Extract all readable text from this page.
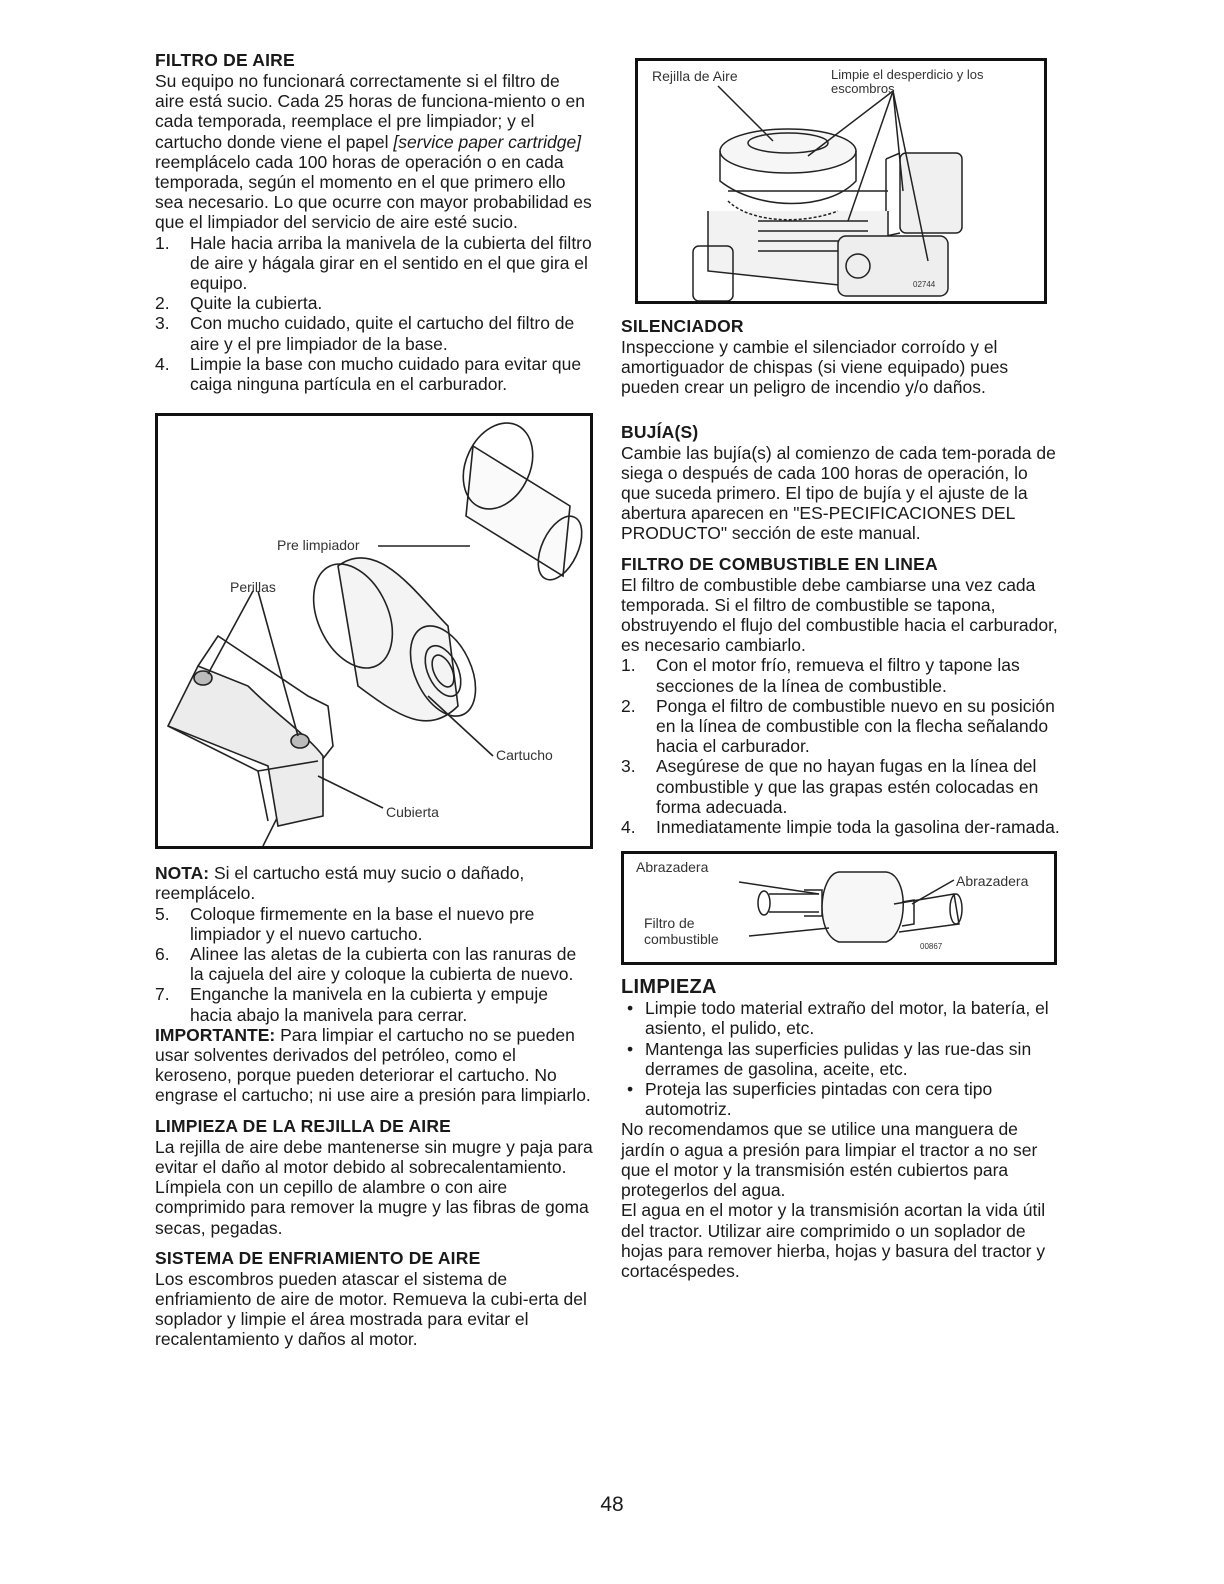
FILTRO DE AIRE

Su equipo no funcionará correctamente si el filtro de aire está sucio. Cada 25 horas de funciona-miento o en cada temporada, reemplace el pre limpiador; y el cartucho donde viene el papel [service paper cartridge] reemplácelo cada 100 horas de operación o en cada temporada, según el momento en el que primero ello sea necesario. Lo que ocurre con mayor probabilidad es que el limpiador del servicio de aire esté sucio.

1. Hale hacia arriba la manivela de la cubierta del filtro de aire y hágala girar en el sentido en el que gira el equipo.
2. Quite la cubierta.
3. Con mucho cuidado, quite el cartucho del filtro de aire y el pre limpiador de la base.
4. Limpie la base con mucho cuidado para evitar que caiga ninguna partícula en el carburador.
Pre limpiador
Perillas
Cartucho
Cubierta

NOTA: Si el cartucho está muy sucio o dañado, reemplácelo.

5. Coloque firmemente en la base el nuevo pre limpiador y el nuevo cartucho.
6. Alinee las aletas de la cubierta con las ranuras de la cajuela del aire y coloque la cubierta de nuevo.
7. Enganche la manivela en la cubierta y empuje hacia abajo la manivela para cerrar.

IMPORTANTE: Para limpiar el cartucho no se pueden usar solventes derivados del petróleo, como el keroseno, porque pueden deteriorar el cartucho. No engrase el cartucho; ni use aire a presión para limpiarlo.

LIMPIEZA DE LA REJILLA DE AIRE

La rejilla de aire debe mantenerse sin mugre y paja para evitar el daño al motor debido al sobrecalentamiento. Límpiela con un cepillo de alambre o con aire comprimido para remover la mugre y las fibras de goma secas, pegadas.

SISTEMA DE ENFRIAMIENTO DE AIRE

Los escombros pueden atascar el sistema de enfriamiento de aire de motor. Remueva la cubi-erta del soplador y limpie el área mostrada para evitar el recalentamiento y daños al motor.

Rejilla de Aire	Limpie el desperdicio y los
escombros
02744
SILENCIADOR

Inspeccione y cambie el silenciador corroído y el amortiguador de chispas (si viene equipado) pues pueden crear un peligro de incendio y/o daños.

BUJÍA(S)

Cambie las bujía(s) al comienzo de cada tem-porada de siega o después de cada 100 horas de operación, lo que suceda primero. El tipo de bujía y el ajuste de la abertura aparecen en "ES-PECIFICACIONES DEL PRODUCTO" sección de este manual.

FILTRO DE COMBUSTIBLE EN LINEA

El filtro de combustible debe cambiarse una vez cada temporada. Si el filtro de combustible se tapona, obstruyendo el flujo del combustible hacia el carburador, es necesario cambiarlo.

1. Con el motor frío, remueva el filtro y tapone las secciones de la línea de combustible.
2. Ponga el filtro de combustible nuevo en su posición en la línea de combustible con la flecha señalando hacia el carburador.
3. Asegúrese de que no hayan fugas en la línea del combustible y que las grapas estén colocadas en forma adecuada.
4. Inmediatamente limpie toda la gasolina der-ramada.
Abrazadera
Abrazadera
Filtro de
combustible	00867
LIMPIEZA
• Limpie todo material extraño del motor, la batería, el asiento, el pulido, etc.
• Mantenga las superficies pulidas y las rue-das sin derrames de gasolina, aceite, etc.
• Proteja las superficies pintadas con cera tipo automotriz.

No recomendamos que se utilice una manguera de jardín o agua a presión para limpiar el tractor a no ser que el motor y la transmisión estén cubiertos para protegerlos del agua.

El agua en el motor y la transmisión acortan la vida útil del tractor. Utilizar aire comprimido o un soplador de hojas para remover hierba, hojas y basura del tractor y cortacéspedes.

48
